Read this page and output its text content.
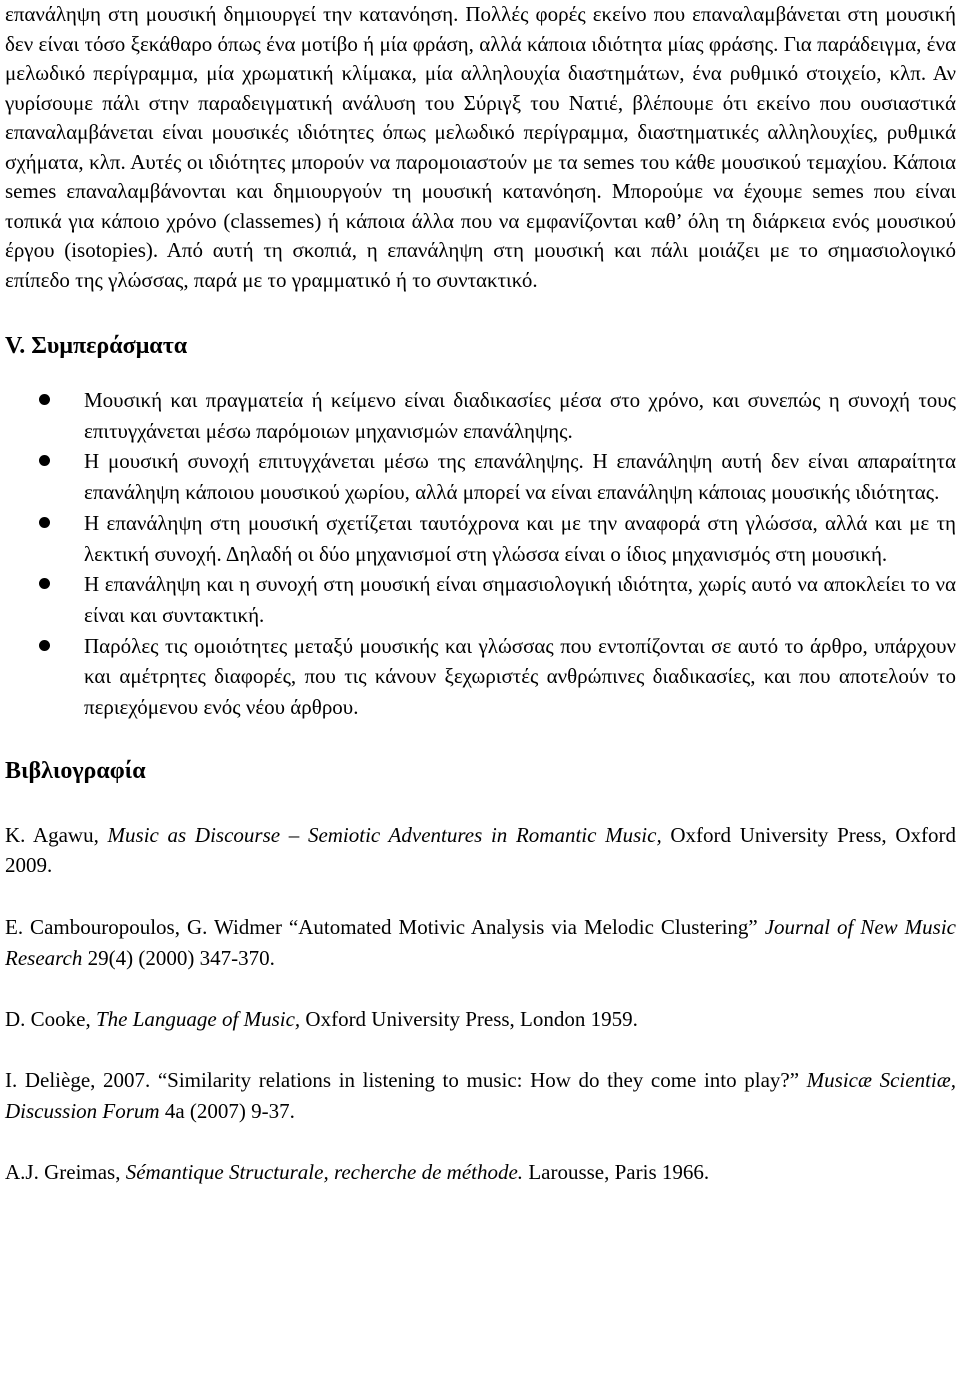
επανάληψη στη μουσική δημιουργεί την κατανόηση. Πολλές φορές εκείνο που επαναλαμβάνεται στη μουσική δεν είναι τόσο ξεκάθαρο όπως ένα μοτίβο ή μία φράση, αλλά κάποια ιδιότητα μίας φράσης. Για παράδειγμα, ένα μελωδικό περίγραμμα, μία χρωματική κλίμακα, μία αλληλουχία διαστημάτων, ένα ρυθμικό στοιχείο, κλπ. Αν γυρίσουμε πάλι στην παραδειγματική ανάλυση του Σύριγξ του Νατιέ, βλέπουμε ότι εκείνο που ουσιαστικά επαναλαμβάνεται είναι μουσικές ιδιότητες όπως μελωδικό περίγραμμα, διαστηματικές αλληλουχίες, ρυθμικά σχήματα, κλπ. Αυτές οι ιδιότητες μπορούν να παρομοιαστούν με τα semes του κάθε μουσικού τεμαχίου. Κάποια semes επαναλαμβάνονται και δημιουργούν τη μουσική κατανόηση. Μπορούμε να έχουμε semes που είναι τοπικά για κάποιο χρόνο (classemes) ή κάποια άλλα που να εμφανίζονται καθ’ όλη τη διάρκεια ενός μουσικού έργου (isotopies). Από αυτή τη σκοπιά, η επανάληψη στη μουσική και πάλι μοιάζει με το σημασιολογικό επίπεδο της γλώσσας, παρά με το γραμματικό ή το συντακτικό.

V. Συμπεράσματα
Μουσική και πραγματεία ή κείμενο είναι διαδικασίες μέσα στο χρόνο, και συνεπώς η συνοχή τους επιτυγχάνεται μέσω παρόμοιων μηχανισμών επανάληψης.
Η μουσική συνοχή επιτυγχάνεται μέσω της επανάληψης. Η επανάληψη αυτή δεν είναι απαραίτητα επανάληψη κάποιου μουσικού χωρίου, αλλά μπορεί να είναι επανάληψη κάποιας μουσικής ιδιότητας.
Η επανάληψη στη μουσική σχετίζεται ταυτόχρονα και με την αναφορά στη γλώσσα, αλλά και με τη λεκτική συνοχή. Δηλαδή οι δύο μηχανισμοί στη γλώσσα είναι ο ίδιος μηχανισμός στη μουσική.
Η επανάληψη και η συνοχή στη μουσική είναι σημασιολογική ιδιότητα, χωρίς αυτό να αποκλείει το να είναι και συντακτική.
Παρόλες τις ομοιότητες μεταξύ μουσικής και γλώσσας που εντοπίζονται σε αυτό το άρθρο, υπάρχουν και αμέτρητες διαφορές, που τις κάνουν ξεχωριστές ανθρώπινες διαδικασίες, και που αποτελούν το περιεχόμενου ενός νέου άρθρου.
Βιβλιογραφία

K. Agawu, Music as Discourse – Semiotic Adventures in Romantic Music, Oxford University Press, Oxford 2009.

E. Cambouropoulos, G. Widmer “Automated Motivic Analysis via Melodic Clustering” Journal of New Music Research 29(4) (2000) 347-370.

D. Cooke, The Language of Music, Oxford University Press, London 1959.

I. Deliège, 2007. “Similarity relations in listening to music: How do they come into play?” Musicæ Scientiæ, Discussion Forum 4a (2007) 9-37.

A.J. Greimas, Sémantique Structurale, recherche de méthode. Larousse, Paris 1966.
